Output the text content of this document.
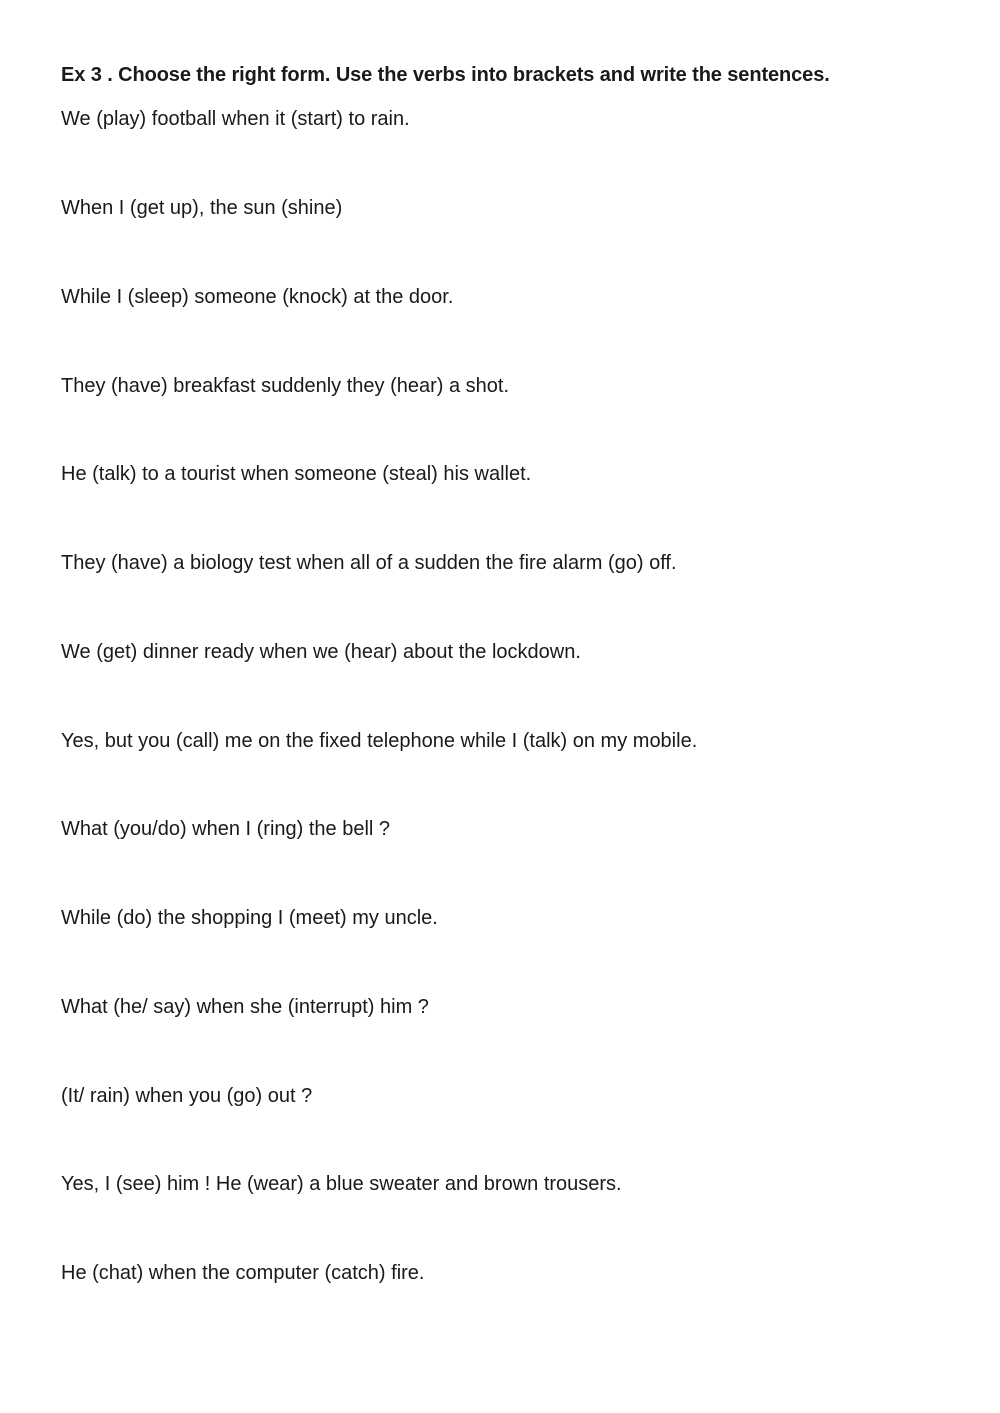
Ex 3 . Choose the right form. Use the verbs into brackets and write the sentences.
We (play) football when it (start) to rain.
When I (get up), the sun (shine)
While I (sleep) someone (knock) at the door.
They (have) breakfast suddenly they (hear) a shot.
He (talk) to a tourist when someone (steal) his wallet.
They (have) a biology test when all of a sudden the fire alarm (go) off.
We (get) dinner ready when we (hear) about the lockdown.
Yes, but you (call) me on the fixed telephone while I (talk) on my mobile.
What (you/do) when I (ring) the bell ?
While (do) the shopping I (meet) my uncle.
What (he/ say) when she (interrupt) him ?
(It/ rain) when you (go) out ?
Yes, I (see) him ! He (wear) a blue sweater and brown trousers.
He (chat) when the computer (catch) fire.
